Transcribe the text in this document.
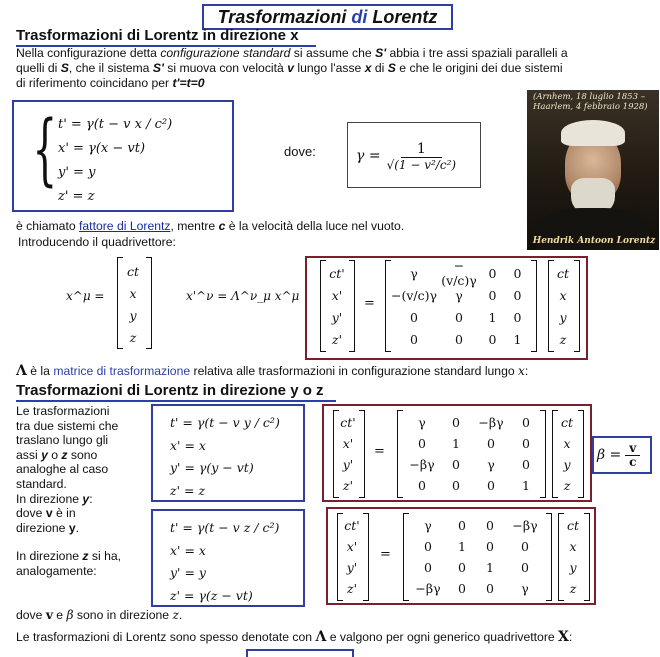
Trasformazioni di Lorentz
Trasformazioni di Lorentz in direzione x
Nella configurazione detta configurazione standard si assume che S' abbia i tre assi spaziali paralleli a
quelli di S, che il sistema S' si muova con velocità v lungo l'asse x di S e che le origini dei due sistemi
di riferimento coincidano per t'=t=0
{ t' = γ(t − v x / c²)
x' = γ(x − vt)
y' = y
z' = z
dove:	$\gamma = \frac{1}{\text{√(1 − v²/c²)}}$
(Arnhem, 18 luglio 1853 – Haarlem, 4 febbraio 1928)
Hendrik Antoon Lorentz
è chiamato fattore di Lorentz, mentre c è la velocità della luce nel vuoto.
Introducendo il quadrivettore:
x^μ =
ct
x
y
z
x'^ν = Λ^ν_μ x^μ
ct'
x'
y'
z'
=
γ	−(v/c)γ 0	0
−(v/c)γ	γ	0	0
0	0	1	0
0	0	0	1
ct
x
y
z
Λ è la matrice di trasformazione relativa alle trasformazioni in configurazione standard lungo x:
Trasformazioni di Lorentz in direzione y o z
Le trasformazioni
tra due sistemi che
traslano lungo gli
assi y o z sono
analoghe al caso
standard.
In direzione y:
dove v è in
direzione y.
In direzione z si ha,
analogamente:
t' = γ(t − v y / c²)
x' = x
y' = γ(y − vt)
z' = z
t' = γ(t − v z / c²)
x' = x
y' = y
z' = γ(z − vt)
ct'
x'
y'
z'
=
γ	0	−βγ	0
0	1	0	0
−βγ	0	γ	0
0	0	0	1
ct
x
y
z
$\beta = \frac{v}{c}$
ct'
x'
y'
z'
=
γ	0	0	−βγ
0	1	0	0
0	0	1	0
−βγ	0	0	γ
ct
x
y
z
dove v e β sono in direzione z.
Le trasformazioni di Lorentz sono spesso denotate con Λ e valgono per ogni generico quadrivettore X:
